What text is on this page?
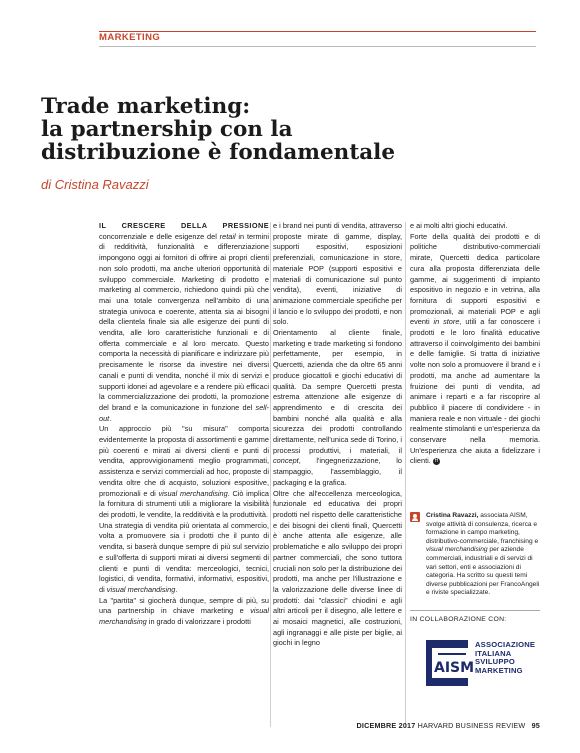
MARKETING
Trade marketing:
la partnership con la
distribuzione è fondamentale
di Cristina Ravazzi

IL CRESCERE DELLA PRESSIONE concorrenziale e delle esigenze del retail in termini di redditività, funzionalità e differenziazione impongono oggi ai fornitori di offrire ai propri clienti non solo prodotti, ma anche ulteriori opportunità di sviluppo commerciale. Marketing di prodotto e marketing al commercio, richiedono quindi più che mai una totale convergenza nell'ambito di una strategia univoca e coerente, attenta sia ai bisogni della clientela finale sia alle esigenze dei punti di vendita, alle loro caratteristiche funzionali e di offerta commerciale e al loro mercato. Questo comporta la necessità di pianificare e indirizzare più precisamente le risorse da investire nei diversi canali e punti di vendita, nonché il mix di servizi e supporti idonei ad agevolare e a rendere più efficaci la commercializzazione dei prodotti, la promozione del brand e la comunicazione in funzione del sell-out.

Un approccio più "su misura" comporta evidentemente la proposta di assortimenti e gamme più coerenti e mirati ai diversi clienti e punti di vendita, approvvigionamenti meglio programmati, assistenza e servizi commerciali ad hoc, proposte di vendita oltre che di acquisto, soluzioni espositive, promozionali e di visual merchandising. Ciò implica la fornitura di strumenti utili a migliorare la visibilità dei prodotti, le vendite, la redditività e la produttività.

Una strategia di vendita più orientata al commercio, volta a promuovere sia i prodotti che il punto di vendita, si baserà dunque sempre di più sul servizio e sull'offerta di supporti mirati ai diversi segmenti di clienti e punti di vendita: merceologici, tecnici, logistici, di vendita, formativi, informativi, espositivi, di visual merchandising.

La "partita" si giocherà dunque, sempre di più, su una partnership in chiave marketing e visual merchandising in grado di valorizzare i prodotti

e i brand nei punti di vendita, attraverso proposte mirate di gamme, display, supporti espositivi, esposizioni preferenziali, comunicazione in store, materiale POP (supporti espositivi e materiali di comunicazione sul punto vendita), eventi, iniziative di animazione commerciale specifiche per il lancio e lo sviluppo dei prodotti, e non solo.

Orientamento al cliente finale, marketing e trade marketing si fondono perfettamente, per esempio, in Quercetti, azienda che da oltre 65 anni produce giocattoli e giochi educativi di qualità. Da sempre Quercetti presta estrema attenzione alle esigenze di apprendimento e di crescita dei bambini nonché alla qualità e alla sicurezza dei prodotti controllando direttamente, nell'unica sede di Torino, i processi produttivi, i materiali, il concept, l'ingegnerizzazione, lo stampaggio, l'assemblaggio, il packaging e la grafica.

Oltre che all'eccellenza merceologica, funzionale ed educativa dei propri prodotti nel rispetto delle caratteristiche e dei bisogni dei clienti finali, Quercetti è anche attenta alle esigenze, alle problematiche e allo sviluppo dei propri partner commerciali, che sono tuttora cruciali non solo per la distribuzione dei prodotti, ma anche per l'illustrazione e la valorizzazione delle diverse linee di prodotti: dai "classici" chiodini e agli altri articoli per il disegno, alle lettere e ai mosaici magnetici, alle costruzioni, agli ingranaggi e alle piste per biglie, ai giochi in legno

e ai molti altri giochi educativi.

Forte della qualità dei prodotti e di politiche distributivo-commerciali mirate, Quercetti dedica particolare cura alla proposta differenziata delle gamme, ai suggerimenti di impianto espositivo in negozio e in vetrina, alla fornitura di supporti espositivi e promozionali, ai materiali POP e agli eventi in store, utili a far conoscere i prodotti e le loro finalità educative attraverso il coinvolgimento dei bambini e delle famiglie. Si tratta di iniziative volte non solo a promuovere il brand e i prodotti, ma anche ad aumentare la fruizione dei punti di vendita, ad animare i reparti e a far riscoprire al pubblico il piacere di condividere - in maniera reale e non virtuale - dei giochi realmente stimolanti e un'esperienza da conservare nella memoria. Un'esperienza che aiuta a fidelizzare i clienti. H

Cristina Ravazzi, associata AISM, svolge attività di consulenza, ricerca e formazione in campo marketing, distributivo-commerciale, franchising e visual merchandising per aziende commerciali, industriali e di servizi di vari settori, enti e associazioni di categoria. Ha scritto su questi temi diverse pubblicazioni per FrancoAngeli e riviste specializzate.
IN COLLABORAZIONE CON:
AISM
ASSOCIAZIONE
ITALIANA
SVILUPPO
MARKETING
DICEMBRE 2017 HARVARD BUSINESS REVIEW 95
